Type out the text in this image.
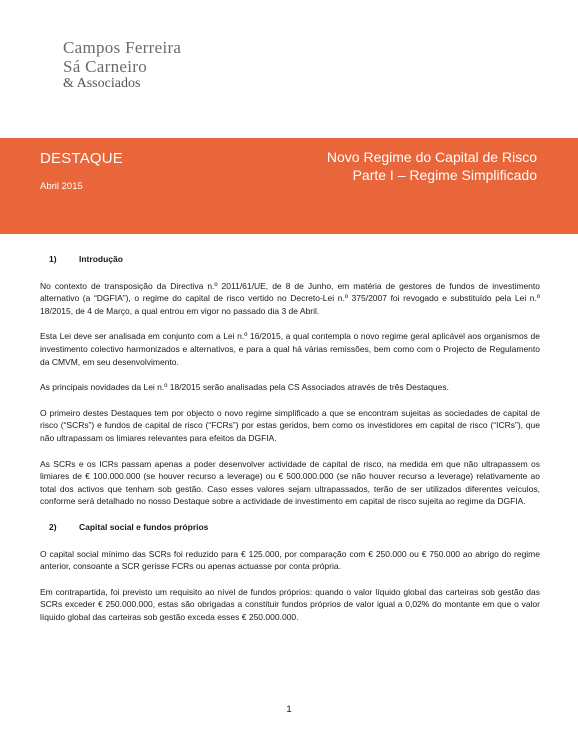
Campos Ferreira
Sá Carneiro
& Associados
DESTAQUE
Abril 2015
Novo Regime do Capital de Risco
Parte I – Regime Simplificado
1)	Introdução

No contexto de transposição da Directiva n.º 2011/61/UE, de 8 de Junho, em matéria de gestores de fundos de investimento alternativo (a “DGFIA”), o regime do capital de risco vertido no Decreto-Lei n.º 375/2007 foi revogado e substituído pela Lei n.º 18/2015, de 4 de Março, a qual entrou em vigor no passado dia 3 de Abril.

Esta Lei deve ser analisada em conjunto com a Lei n.º 16/2015, a qual contempla o novo regime geral aplicável aos organismos de investimento colectivo harmonizados e alternativos, e para a qual há várias remissões, bem como com o Projecto de Regulamento da CMVM, em seu desenvolvimento.

As principais novidades da Lei n.º 18/2015 serão analisadas pela CS Associados através de três Destaques.

O primeiro destes Destaques tem por objecto o novo regime simplificado a que se encontram sujeitas as sociedades de capital de risco (“SCRs”) e fundos de capital de risco (“FCRs”) por estas geridos, bem como os investidores em capital de risco (“ICRs”), que não ultrapassam os limiares relevantes para efeitos da DGFIA.

As SCRs e os ICRs passam apenas a poder desenvolver actividade de capital de risco, na medida em que não ultrapassem os limiares de € 100.000.000 (se houver recurso a leverage) ou € 500.000.000 (se não houver recurso a leverage) relativamente ao total dos activos que tenham sob gestão. Caso esses valores sejam ultrapassados, terão de ser utilizados diferentes veículos, conforme será detalhado no nosso Destaque sobre a actividade de investimento em capital de risco sujeita ao regime da DGFIA.

2)	Capital social e fundos próprios

O capital social mínimo das SCRs foi reduzido para € 125.000, por comparação com € 250.000 ou € 750.000 ao abrigo do regime anterior, consoante a SCR gerisse FCRs ou apenas actuasse por conta própria.

Em contrapartida, foi previsto um requisito ao nível de fundos próprios: quando o valor líquido global das carteiras sob gestão das SCRs exceder € 250.000.000, estas são obrigadas a constituir fundos próprios de valor igual a 0,02% do montante em que o valor líquido global das carteiras sob gestão exceda esses € 250.000.000.

1
